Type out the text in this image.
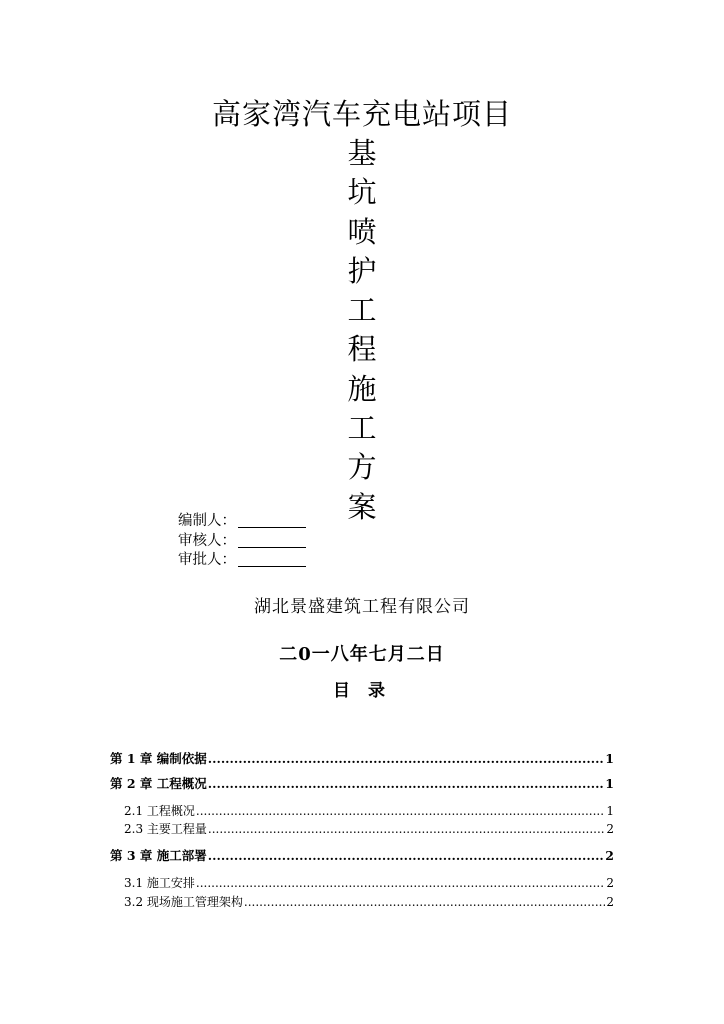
高家湾汽车充电站项目
基
坑
喷
护
工
程
施
工
方
案
编制人：
审核人：
审批人：
湖北景盛建筑工程有限公司
二0一八年七月二日
目 录
第 1 章 编制依据 .....	1
第 2 章 工程概况 .....	1
2.1 工程概况 .....	1
2.3 主要工程量 .....	2
第 3 章 施工部署 .....	2
3.1 施工安排 .....	2
3.2 现场施工管理架构 .....	2
